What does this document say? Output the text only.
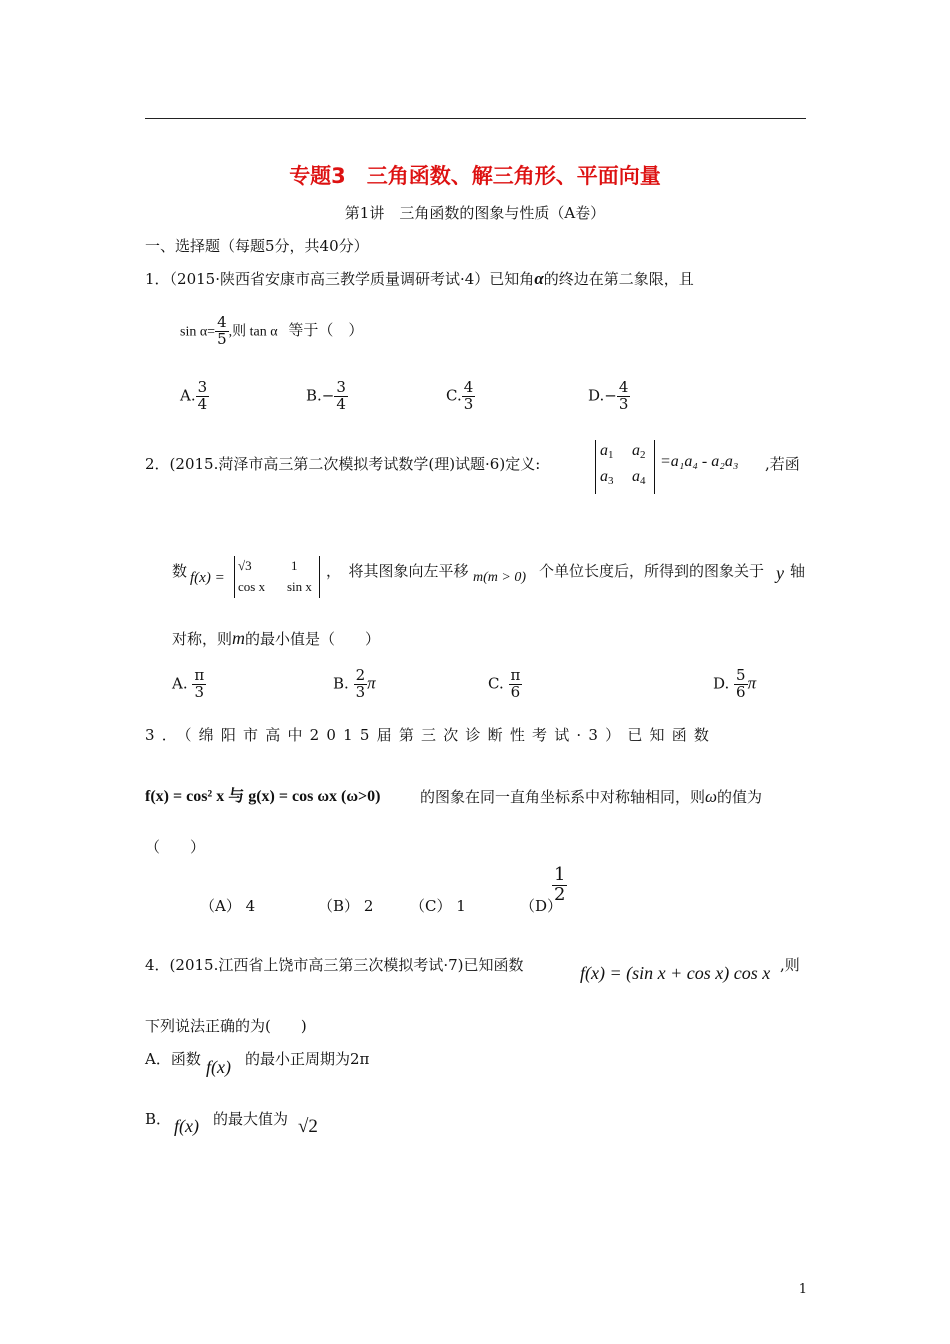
专题3　三角函数、解三角形、平面向量
第1讲　三角函数的图象与性质（A卷）
一、选择题（每题5分，共40分）
1．（2015·陕西省安康市高三教学质量调研考试·4）已知角α的终边在第二象限，且
$\sin \alpha= \frac{4}{5}$ ,则 tan α 等于（　）
A. $\frac{3}{4}$	$B.- \frac{3}{4}$	C. $\frac{4}{3}$	$D.- \frac{4}{3}$
2．(2015.菏泽市高三第二次模拟考试数学(理)试题·6)定义:
$a_1$ $a_2$
$a_3$ $a_4$
=a₁a₄ - a₂a₃ ,若函
数 f(x) =
√3	1
cos x sin x
，　将其图象向左平移 m(m > 0) 个单位长度后，所得到的图象关于 y 轴
对称，则m的最小值是（　　）
A. $\frac{\pi}{3}$	B. $\frac{2}{3}$ π	C. $\frac{\pi}{6}$	D. $\frac{5}{6}$ π
3．（绵阳市高中2015届第三次诊断性考试·3）已知函数
f(x) = cos² x 与 g(x) = cos ωx (ω>0)	的图象在同一直角坐标系中对称轴相同，则ω的值为
（　　）
（A） 4	（B） 2 （C） 1	（D）
$\frac{1}{2}$
4．(2015.江西省上饶市高三第三次模拟考试·7)已知函数	f(x) = (sin x + cos x) cos x ,则
下列说法正确的为(　　)
A．函数 f(x) 的最小正周期为2π
B． f(x) 的最大值为 √2
1
